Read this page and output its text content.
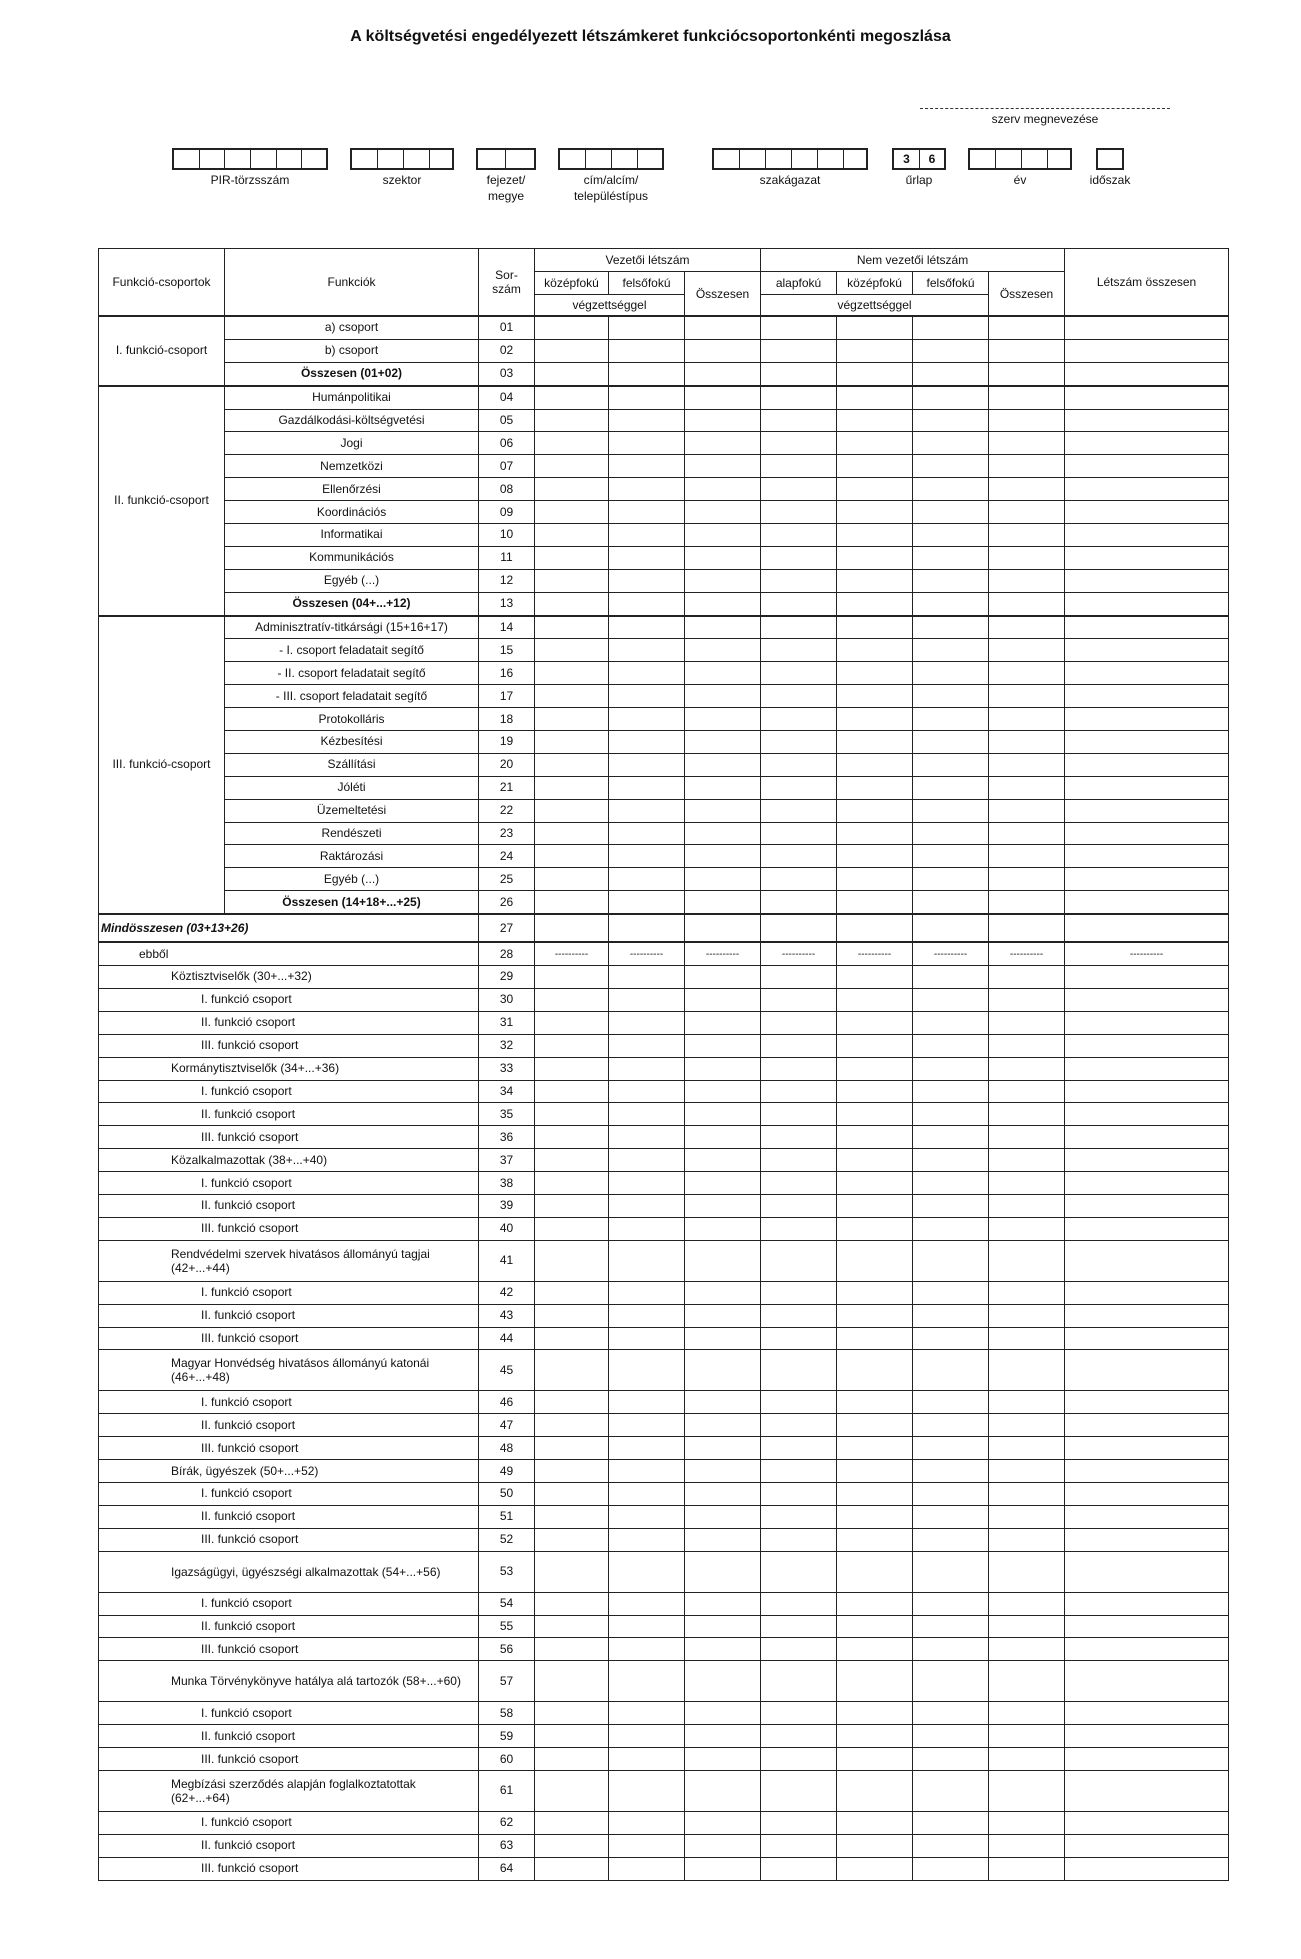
A költségvetési engedélyezett létszámkeret funkciócsoportonkénti megoszlása
szerv megnevezése
PIR-törzsszám	szektor	fejezet/ megye
cím/alcím/ településtípus
szakágazat
3	6
űrlap	év	időszak
Funkció-csoportok	Funkciók	Sor-szám	Vezetői létszám			Nem vezetői létszám				Létszám összesen
			középfokú	felsőfokú	Összesen	alapfokú	középfokú	felsőfokú	Összesen	
			végzettséggel			végzettséggel				
I. funkció-csoport	a) csoport	01								
	b) csoport	02								
	Összesen (01+02)	03								
II. funkció-csoport	Humánpolitikai	04								
	Gazdálkodási-költségvetési	05								
	Jogi	06								
	Nemzetközi	07								
	Ellenőrzési	08								
	Koordinációs	09								
	Informatikai	10								
	Kommunikációs	11								
	Egyéb (...)	12								
	Összesen (04+...+12)	13								
III. funkció-csoport	Adminisztratív-titkársági (15+16+17)	14								
	- I. csoport feladatait segítő	15								
	- II. csoport feladatait segítő	16								
	- III. csoport feladatait segítő	17								
	Protokolláris	18								
	Kézbesítési	19								
	Szállítási	20								
	Jóléti	21								
	Üzemeltetési	22								
	Rendészeti	23								
	Raktározási	24								
	Egyéb (...)	25								
	Összesen (14+18+...+25)	26								
Mindösszesen (03+13+26)		27								
ebből		28	----------	----------	----------	----------	----------	----------	----------	----------
Köztisztviselők (30+...+32)		29								
I. funkció csoport		30								
II. funkció csoport		31								
III. funkció csoport		32								
Kormánytisztviselők (34+...+36)		33								
I. funkció csoport		34								
II. funkció csoport		35								
III. funkció csoport		36								
Közalkalmazottak (38+...+40)		37								
I. funkció csoport		38								
II. funkció csoport		39								
III. funkció csoport		40								
Rendvédelmi szervek hivatásos állományú tagjai (42+...+44)		41								
I. funkció csoport		42								
II. funkció csoport		43								
III. funkció csoport		44								
Magyar Honvédség hivatásos állományú katonái (46+...+48)		45								
I. funkció csoport		46								
II. funkció csoport		47								
III. funkció csoport		48								
Bírák, ügyészek (50+...+52)		49								
I. funkció csoport		50								
II. funkció csoport		51								
III. funkció csoport		52								
Igazságügyi, ügyészségi alkalmazottak (54+...+56)		53								
I. funkció csoport		54								
II. funkció csoport		55								
III. funkció csoport		56								
Munka Törvénykönyve hatálya alá tartozók (58+...+60)		57								
I. funkció csoport		58								
II. funkció csoport		59								
III. funkció csoport		60								
Megbízási szerződés alapján foglalkoztatottak (62+...+64)		61								
I. funkció csoport		62								
II. funkció csoport		63								
III. funkció csoport		64								
